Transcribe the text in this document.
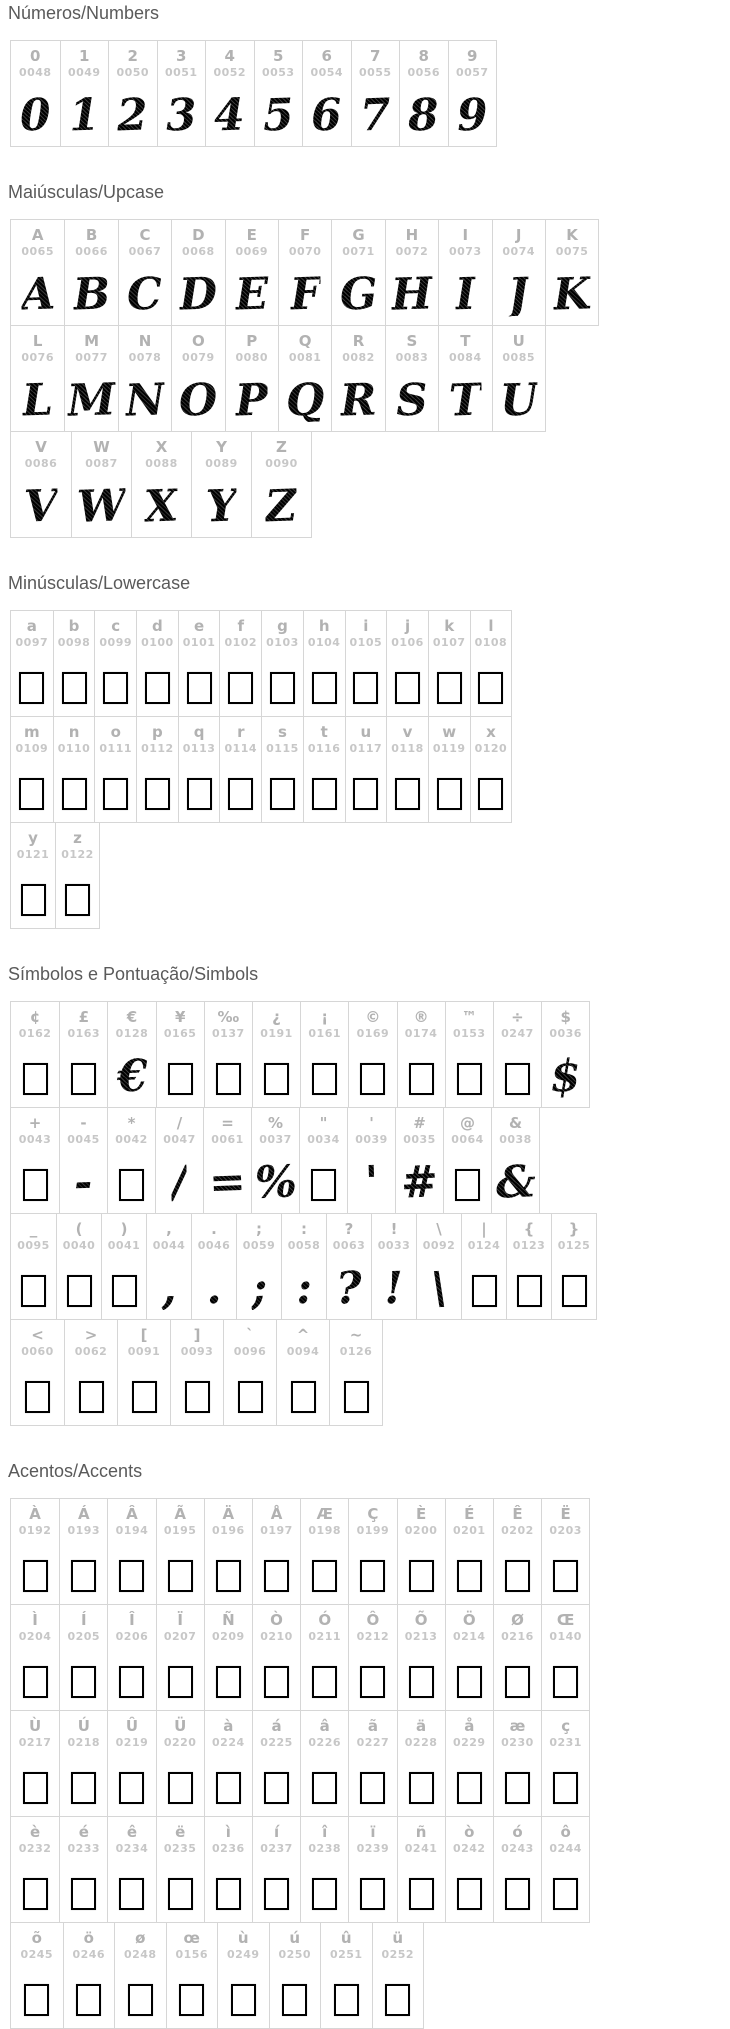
Números/Numbers
0
0048
0
1
0049
1
2
0050
2
3
0051
3
4
0052
4
5
0053
5
6
0054
6
7
0055
7
8
0056
8
9
0057
9
Maiúsculas/Upcase
A
0065
A
B
0066
B
C
0067
C
D
0068
D
E
0069
E
F
0070
F
G
0071
G
H
0072
H
I
0073
I
J
0074
J
K
0075
K
L
0076
L
M
0077
M
N
0078
N
O
0079
O
P
0080
P
Q
0081
Q
R
0082
R
S
0083
S
T
0084
T
U
0085
U
V
0086
V
W
0087
W
X
0088
X
Y
0089
Y
Z
0090
Z
Minúsculas/Lowercase
a
0097
b
0098
c
0099
d
0100
e
0101
f
0102
g
0103
h
0104
i
0105
j
0106
k
0107
l
0108
m
0109
n
0110
o
0111
p
0112
q
0113
r
0114
s
0115
t
0116
u
0117
v
0118
w
0119
x
0120
y
0121
z
0122
Símbolos e Pontuação/Simbols
¢
0162
£
0163
€
0128
€
¥
0165
‰
0137
¿
0191
¡
0161
©
0169
®
0174
™
0153
÷
0247
$
0036
$
+
0043
-
0045
-
*
0042
/
0047
/
=
0061
=
%
0037
%
"
0034
'
0039
'
#
0035
#
@
0064
&
0038
&
_
0095
(
0040
)
0041
,
0044
,
.
0046
.
;
0059
;
:
0058
:
?
0063
?
!
0033
!
\
0092
\
|
0124
{
0123
}
0125
<
0060
>
0062
[
0091
]
0093
`
0096
^
0094
~
0126
Acentos/Accents
À
0192
Á
0193
Â
0194
Ã
0195
Ä
0196
Å
0197
Æ
0198
Ç
0199
È
0200
É
0201
Ê
0202
Ë
0203
Ì
0204
Í
0205
Î
0206
Ï
0207
Ñ
0209
Ò
0210
Ó
0211
Ô
0212
Õ
0213
Ö
0214
Ø
0216
Œ
0140
Ù
0217
Ú
0218
Û
0219
Ü
0220
à
0224
á
0225
â
0226
ã
0227
ä
0228
å
0229
æ
0230
ç
0231
è
0232
é
0233
ê
0234
ë
0235
ì
0236
í
0237
î
0238
ï
0239
ñ
0241
ò
0242
ó
0243
ô
0244
õ
0245
ö
0246
ø
0248
œ
0156
ù
0249
ú
0250
û
0251
ü
0252
